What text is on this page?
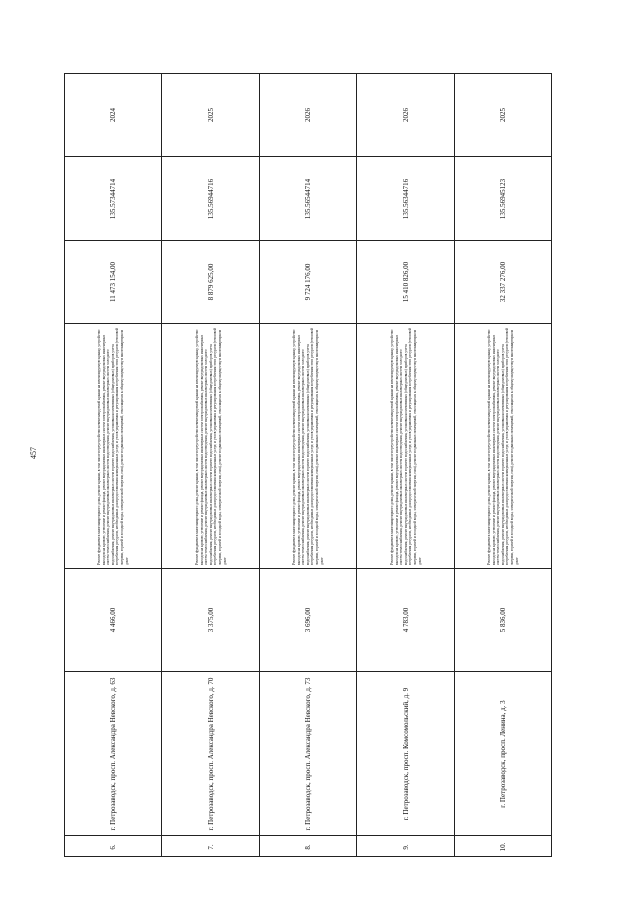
457
2024
135.57344714
11 473 154,00
Ремонт фундамента многоквартирного дома, ремонт крыши, в том числе переустройство невентилируемой крыши на вентилируемую крышу, устройство выходов на кровлю, утепление и ремонт фасада, ремонт внутридомовых инженерных систем электроснабжения, ремонт внутридомовых инженерных систем теплоснабжения, ремонт внутридомовых инженерных систем водоотведения, ремонт внутридомовых инженерных систем холодного водоснабжения, ремонт внутридомовых инженерных систем горячего водоснабжения, установка коллективных (общедомовых) приборов учета потребления ресурсов, необходимых для предоставления коммунальных услуг, и узлов управления и регулирования потребления этих ресурсов (тепловой энергии, горячей и холодной воды, электрической энергии, газа), ремонт подвальных помещений, относящихся к общему имуществу в многоквартирном доме
4 466,00
г. Петрозаводск, просп. Александра Невского, д. 63
6.
2025
135.56944716
8 879 625,00
Ремонт фундамента многоквартирного дома, ремонт крыши, в том числе переустройство невентилируемой крыши на вентилируемую крышу, устройство выходов на кровлю, утепление и ремонт фасада, ремонт внутридомовых инженерных систем электроснабжения, ремонт внутридомовых инженерных систем теплоснабжения, ремонт внутридомовых инженерных систем водоотведения, ремонт внутридомовых инженерных систем холодного водоснабжения, ремонт внутридомовых инженерных систем горячего водоснабжения, установка коллективных (общедомовых) приборов учета потребления ресурсов, необходимых для предоставления коммунальных услуг, и узлов управления и регулирования потребления этих ресурсов (тепловой энергии, горячей и холодной воды, электрической энергии, газа), ремонт подвальных помещений, относящихся к общему имуществу в многоквартирном доме
3 375,00
г. Петрозаводск, просп. Александра Невского, д. 70
7.
2026
135.56544714
9 724 176,00
Ремонт фундамента многоквартирного дома, ремонт крыши, в том числе переустройство невентилируемой крыши на вентилируемую крышу, устройство выходов на кровлю, утепление и ремонт фасада, ремонт внутридомовых инженерных систем электроснабжения, ремонт внутридомовых инженерных систем теплоснабжения, ремонт внутридомовых инженерных систем водоотведения, ремонт внутридомовых инженерных систем холодного водоснабжения, ремонт внутридомовых инженерных систем горячего водоснабжения, установка коллективных (общедомовых) приборов учета потребления ресурсов, необходимых для предоставления коммунальных услуг, и узлов управления и регулирования потребления этих ресурсов (тепловой энергии, горячей и холодной воды, электрической энергии, газа), ремонт подвальных помещений, относящихся к общему имуществу в многоквартирном доме
3 696,00
г. Петрозаводск, просп. Александра Невского, д. 73
8.
2026
135.56344716
15 410 826,00
Ремонт фундамента многоквартирного дома, ремонт крыши, в том числе переустройство невентилируемой крыши на вентилируемую крышу, устройство выходов на кровлю, утепление и ремонт фасада, ремонт внутридомовых инженерных систем электроснабжения, ремонт внутридомовых инженерных систем теплоснабжения, ремонт внутридомовых инженерных систем водоотведения, ремонт внутридомовых инженерных систем холодного водоснабжения, ремонт внутридомовых инженерных систем горячего водоснабжения, установка коллективных (общедомовых) приборов учета потребления ресурсов, необходимых для предоставления коммунальных услуг, и узлов управления и регулирования потребления этих ресурсов (тепловой энергии, горячей и холодной воды, электрической энергии, газа), ремонт подвальных помещений, относящихся к общему имуществу в многоквартирном доме
4 783,00
г. Петрозаводск, просп. Комсомольский, д. 9
9.
2025
135.56945123
32 337 276,00
Ремонт фундамента многоквартирного дома, ремонт крыши, в том числе переустройство невентилируемой крыши на вентилируемую крышу, устройство выходов на кровлю, утепление и ремонт фасада, ремонт внутридомовых инженерных систем электроснабжения, ремонт внутридомовых инженерных систем теплоснабжения, ремонт внутридомовых инженерных систем водоотведения, ремонт внутридомовых инженерных систем холодного водоснабжения, ремонт внутридомовых инженерных систем горячего водоснабжения, установка коллективных (общедомовых) приборов учета потребления ресурсов, необходимых для предоставления коммунальных услуг, и узлов управления и регулирования потребления этих ресурсов (тепловой энергии, горячей и холодной воды, электрической энергии, газа), ремонт подвальных помещений, относящихся к общему имуществу в многоквартирном доме
5 836,00
г. Петрозаводск, просп. Ленина, д. 3
10.
